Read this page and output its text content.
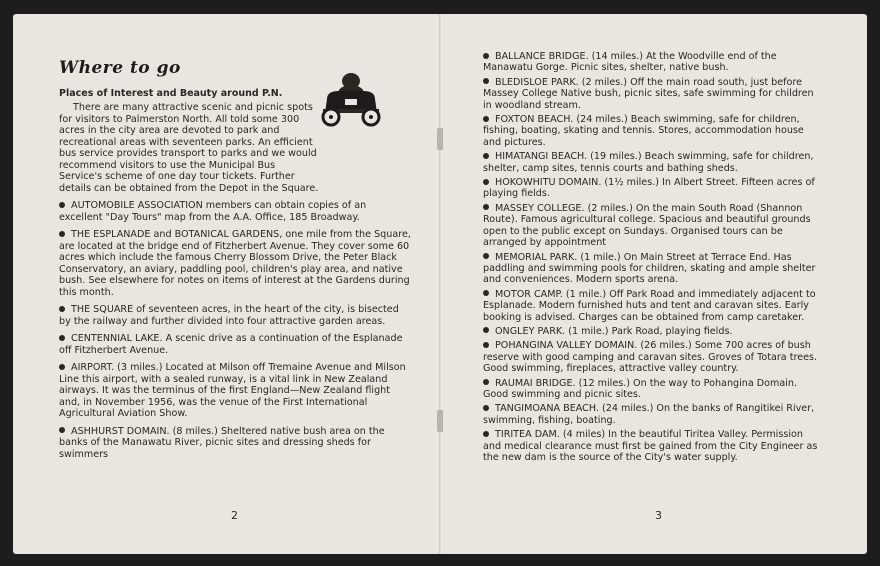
Where to go

Places of Interest and Beauty around P.N.

There are many attractive scenic and picnic spots for visitors to Palmerston North. All told some 300 acres in the city area are devoted to park and recreational areas with seventeen parks. An efficient bus service provides transport to parks and we would recommend visitors to use the Municipal Bus Service's scheme of one day tour tickets. Further details can be obtained from the Depot in the Square.

AUTOMOBILE ASSOCIATION members can obtain copies of an excellent "Day Tours" map from the A.A. Office, 185 Broadway.

THE ESPLANADE and BOTANICAL GARDENS, one mile from the Square, are located at the bridge end of Fitzherbert Avenue. They cover some 60 acres which include the famous Cherry Blossom Drive, the Peter Black Conservatory, an aviary, paddling pool, children's play area, and native bush. See elsewhere for notes on items of interest at the Gardens during this month.

THE SQUARE of seventeen acres, in the heart of the city, is bisected by the railway and further divided into four attractive garden areas.

CENTENNIAL LAKE. A scenic drive as a continuation of the Esplanade off Fitzherbert Avenue.

AIRPORT. (3 miles.) Located at Milson off Tremaine Avenue and Milson Line this airport, with a sealed runway, is a vital link in New Zealand airways. It was the terminus of the first England—New Zealand flight and, in November 1956, was the venue of the First International Agricultural Aviation Show.

ASHHURST DOMAIN. (8 miles.) Sheltered native bush area on the banks of the Manawatu River, picnic sites and dressing sheds for swimmers

2

BALLANCE BRIDGE. (14 miles.) At the Woodville end of the Manawatu Gorge. Picnic sites, shelter, native bush.

BLEDISLOE PARK. (2 miles.) Off the main road south, just before Massey College Native bush, picnic sites, safe swimming for children in woodland stream.

FOXTON BEACH. (24 miles.) Beach swimming, safe for children, fishing, boating, skating and tennis. Stores, accommodation house and pictures.

HIMATANGI BEACH. (19 miles.) Beach swimming, safe for children, shelter, camp sites, tennis courts and bathing sheds.

HOKOWHITU DOMAIN. (1½ miles.) In Albert Street. Fifteen acres of playing fields.

MASSEY COLLEGE. (2 miles.) On the main South Road (Shannon Route). Famous agricultural college. Spacious and beautiful grounds open to the public except on Sundays. Organised tours can be arranged by appointment

MEMORIAL PARK. (1 mile.) On Main Street at Terrace End. Has paddling and swimming pools for children, skating and ample shelter and conveniences. Modern sports arena.

MOTOR CAMP. (1 mile.) Off Park Road and immediately adjacent to Esplanade. Modern furnished huts and tent and caravan sites. Early booking is advised. Charges can be obtained from camp caretaker.

ONGLEY PARK. (1 mile.) Park Road, playing fields.

POHANGINA VALLEY DOMAIN. (26 miles.) Some 700 acres of bush reserve with good camping and caravan sites. Groves of Totara trees. Good swimming, fireplaces, attractive valley country.

RAUMAI BRIDGE. (12 miles.) On the way to Pohangina Domain. Good swimming and picnic sites.

TANGIMOANA BEACH. (24 miles.) On the banks of Rangitikei River, swimming, fishing, boating.

TIRITEA DAM. (4 miles) In the beautiful Tiritea Valley. Permission and medical clearance must first be gained from the City Engineer as the new dam is the source of the City's water supply.

3
